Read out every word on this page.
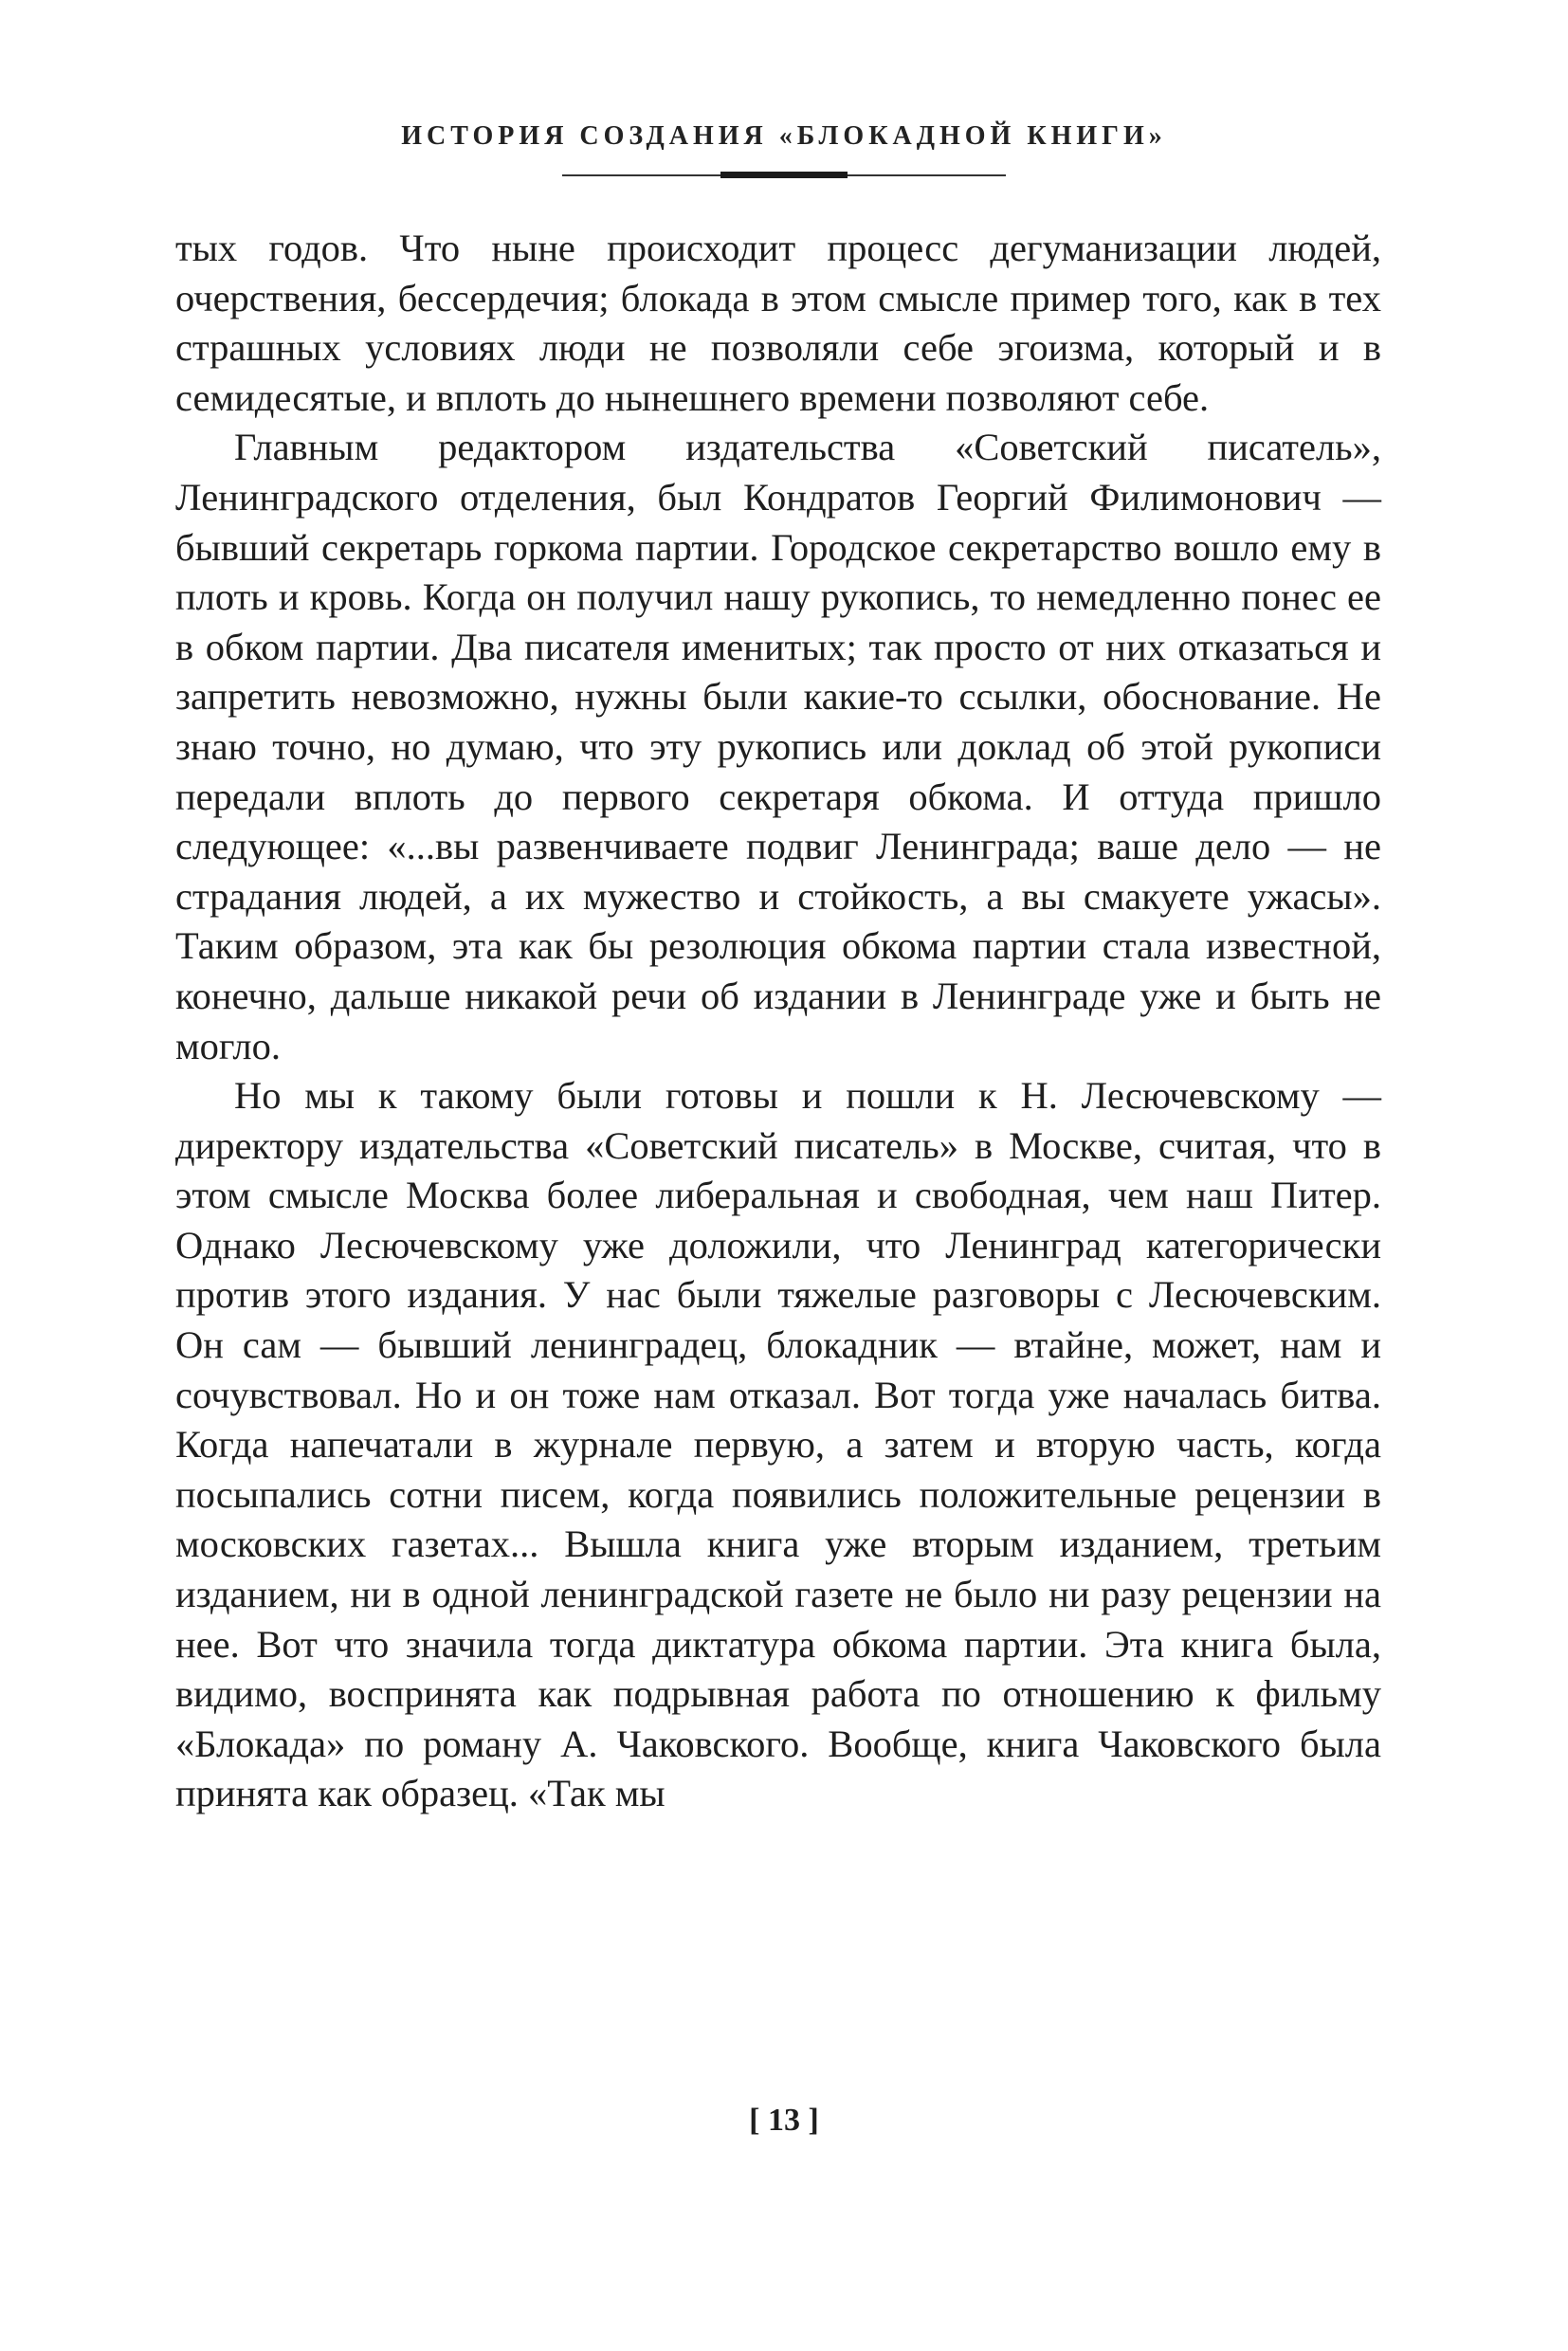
ИСТОРИЯ СОЗДАНИЯ «БЛОКАДНОЙ КНИГИ»

тых годов. Что ныне происходит процесс дегуманизации людей, очерствения, бессердечия; блокада в этом смысле пример того, как в тех страшных условиях люди не позволяли себе эгоизма, который и в семидесятые, и вплоть до нынешнего времени позволяют себе.

Главным редактором издательства «Советский писатель», Ленинградского отделения, был Кондратов Георгий Филимонович — бывший секретарь горкома партии. Городское секретарство вошло ему в плоть и кровь. Когда он получил нашу рукопись, то немедленно понес ее в обком партии. Два писателя именитых; так просто от них отказаться и запретить невозможно, нужны были какие-то ссылки, обоснование. Не знаю точно, но думаю, что эту рукопись или доклад об этой рукописи передали вплоть до первого секретаря обкома. И оттуда пришло следующее: «...вы развенчиваете подвиг Ленинграда; ваше дело — не страдания людей, а их мужество и стойкость, а вы смакуете ужасы». Таким образом, эта как бы резолюция обкома партии стала известной, конечно, дальше никакой речи об издании в Ленинграде уже и быть не могло.

Но мы к такому были готовы и пошли к Н. Лесючевскому — директору издательства «Советский писатель» в Москве, считая, что в этом смысле Москва более либеральная и свободная, чем наш Питер. Однако Лесючевскому уже доложили, что Ленинград категорически против этого издания. У нас были тяжелые разговоры с Лесючевским. Он сам — бывший ленинградец, блокадник — втайне, может, нам и сочувствовал. Но и он тоже нам отказал. Вот тогда уже началась битва. Когда напечатали в журнале первую, а затем и вторую часть, когда посыпались сотни писем, когда появились положительные рецензии в московских газетах... Вышла книга уже вторым изданием, третьим изданием, ни в одной ленинградской газете не было ни разу рецензии на нее. Вот что значила тогда диктатура обкома партии. Эта книга была, видимо, воспринята как подрывная работа по отношению к фильму «Блокада» по роману А. Чаковского. Вообще, книга Чаковского была принята как образец. «Так мы

[ 13 ]
